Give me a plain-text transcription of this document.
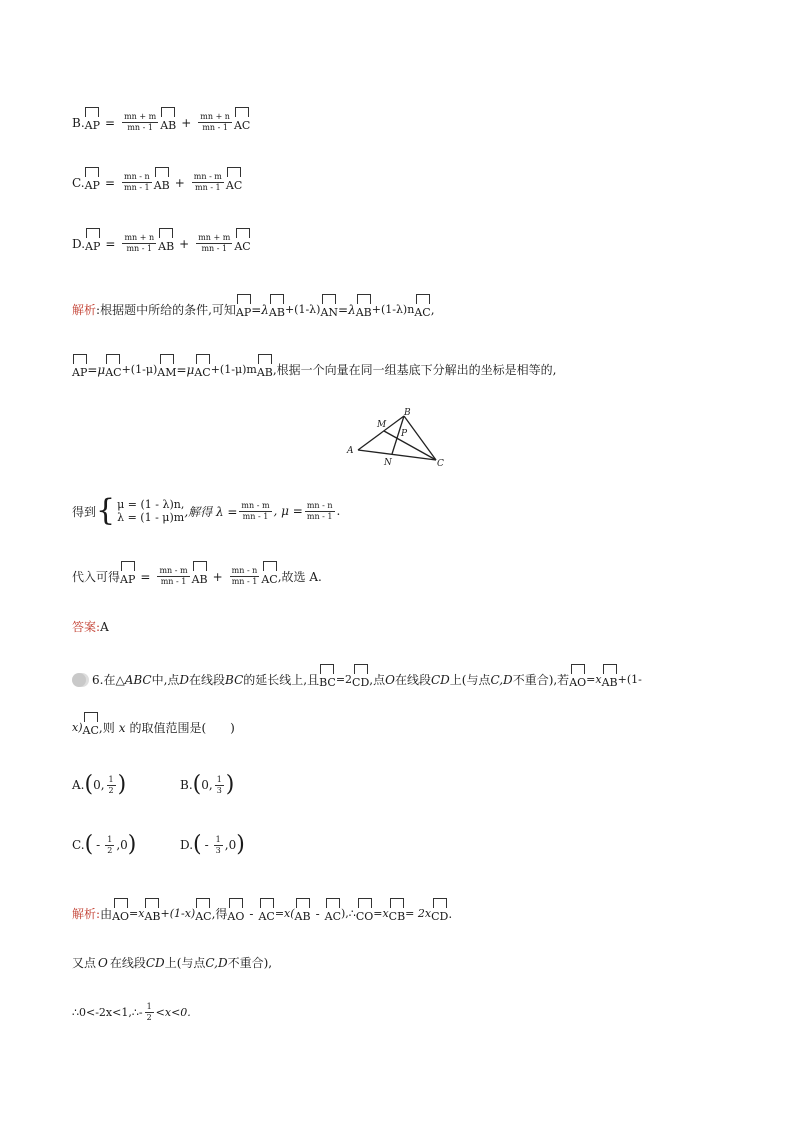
B. AP = $\frac{mn + m}{mn - 1}$ AB + $\frac{mn + n}{mn - 1}$ AC
C. AP = $\frac{mn - n}{mn - 1}$ AB + $\frac{mn - m}{mn - 1}$ AC
D. AP = $\frac{mn + n}{mn - 1}$ AB + $\frac{mn + m}{mn - 1}$ AC
解析 : 根据题中所给的条件,可知 AP =λ AB +(1-λ) AN =λ AB +(1-λ)n AC ,
AP =μ AC +(1-μ) AM =μ AC +(1-μ)m AB ,根据一个向量在同一组基底下分解出的坐标是相等的,
A
B
C
M
N
P
得到 { μ = (1 - λ)n,
λ = (1 - μ)m ,解得 $\lambda = \frac{mn - m}{mn - 1}$ , $\mu = \frac{mn - n}{mn - 1}$ .
代入可得 AP = $\frac{mn - m}{mn - 1}$ AB + $\frac{mn - n}{mn - 1}$ AC ,故选 A.
答案 : A
6. 在△ ABC 中,点 D 在线段 BC 的延长线上,且 BC =2 CD ,点 O 在线段 CD 上(与点 C,D 不重合),若 AO =x AB +(1-
x) AC ,则 x 的取值范围是( )
A. ( 0 , $\frac{1}{2}$ )	B. ( 0 , $\frac{1}{3}$ )
C. ( - $\frac{1}{2}$ , 0 )	D. ( - $\frac{1}{3}$ , 0 )
解析 : 由 AO =x AB +(1-x) AC ,得 AO - AC =x( AB - AC ),∴ CO =x CB = 2x CD .
又点 O 在线段 CD 上(与点 C,D 不重合),
∴0<-2x<1,∴- $\frac{1}{2} <x<0$.
